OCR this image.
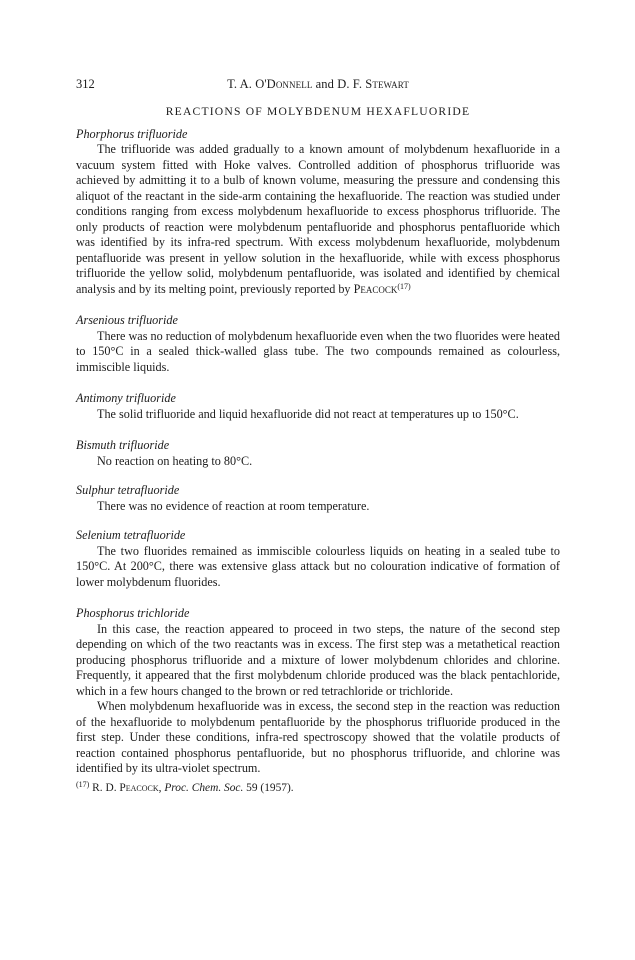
312	T. A. O'Donnell and D. F. Stewart
REACTIONS OF MOLYBDENUM HEXAFLUORIDE

Phorphorus trifluoride

The trifluoride was added gradually to a known amount of molybdenum hexafluoride in a vacuum system fitted with Hoke valves. Controlled addition of phosphorus trifluoride was achieved by admitting it to a bulb of known volume, measuring the pressure and condensing this aliquot of the reactant in the side-arm containing the hexafluoride. The reaction was studied under conditions ranging from excess molybdenum hexafluoride to excess phosphorus trifluoride. The only products of reaction were molybdenum pentafluoride and phosphorus pentafluoride which was identified by its infra-red spectrum. With excess molybdenum hexafluoride, molybdenum pentafluoride was present in yellow solution in the hexafluoride, while with excess phosphorus trifluoride the yellow solid, molybdenum pentafluoride, was isolated and identified by chemical analysis and by its melting point, previously reported by Peacock$^{(17)}$

Arsenious trifluoride

There was no reduction of molybdenum hexafluoride even when the two fluorides were heated to 150°C in a sealed thick-walled glass tube. The two compounds remained as colourless, immiscible liquids.

Antimony trifluoride

The solid trifluoride and liquid hexafluoride did not react at temperatures up ιo 150°C.

Bismuth trifluoride

No reaction on heating to 80°C.

Sulphur tetrafluoride

There was no evidence of reaction at room temperature.

Selenium tetrafluoride

The two fluorides remained as immiscible colourless liquids on heating in a sealed tube to 150°C. At 200°C, there was extensive glass attack but no colouration indicative of formation of lower molybdenum fluorides.

Phosphorus trichloride

In this case, the reaction appeared to proceed in two steps, the nature of the second step depending on which of the two reactants was in excess. The first step was a metathetical reaction producing phosphorus trifluoride and a mixture of lower molybdenum chlorides and chlorine. Frequently, it appeared that the first molybdenum chloride produced was the black pentachloride, which in a few hours changed to the brown or red tetrachloride or trichloride.

When molybdenum hexafluoride was in excess, the second step in the reaction was reduction of the hexafluoride to molybdenum pentafluoride by the phosphorus trifluoride produced in the first step. Under these conditions, infra-red spectroscopy showed that the volatile products of reaction contained phosphorus pentafluoride, but no phosphorus trifluoride, and chlorine was identified by its ultra-violet spectrum.

$^{(17)}$ R. D. Peacock, Proc. Chem. Soc. 59 (1957).
